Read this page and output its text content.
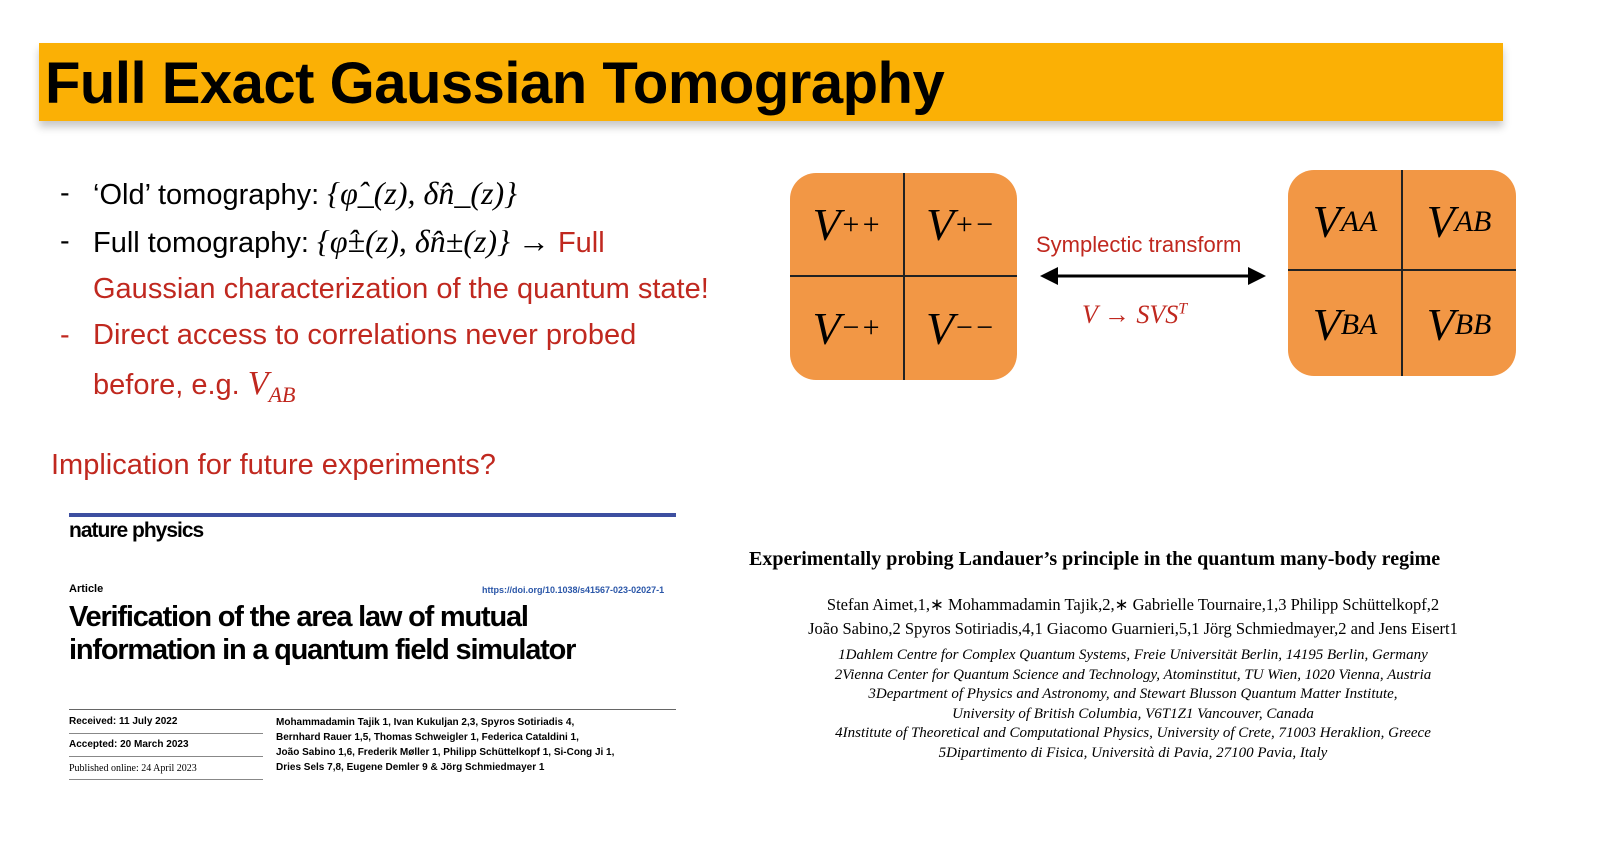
Full Exact Gaussian Tomography
- ‘Old’ tomography: {φ̂_(z), δn̂_(z)}
- Full tomography: {φ̂±(z), δn̂±(z)} → Full
Gaussian characterization of the quantum state!
- Direct access to correlations never probed
before, e.g. $V_{AB}$
Implication for future experiments?
V ++ V +−
V −+ V −−
Symplectic transform
$V \to SVS^T$
V AA V AB
V BA V BB
nature physics
Article	https://doi.org/10.1038/s41567-023-02027-1
Verification of the area law of mutual
information in a quantum field simulator
Received: 11 July 2022
Accepted: 20 March 2023
Published online: 24 April 2023
Mohammadamin Tajik 1, Ivan Kukuljan 2,3, Spyros Sotiriadis 4,
Bernhard Rauer 1,5, Thomas Schweigler 1, Federica Cataldini 1,
João Sabino 1,6, Frederik Møller 1, Philipp Schüttelkopf 1, Si-Cong Ji 1,
Dries Sels 7,8, Eugene Demler 9 & Jörg Schmiedmayer 1
Experimentally probing Landauer’s principle in the quantum many-body regime
Stefan Aimet,1,∗ Mohammadamin Tajik,2,∗ Gabrielle Tournaire,1,3 Philipp Schüttelkopf,2
João Sabino,2 Spyros Sotiriadis,4,1 Giacomo Guarnieri,5,1 Jörg Schmiedmayer,2 and Jens Eisert1
1Dahlem Centre for Complex Quantum Systems, Freie Universität Berlin, 14195 Berlin, Germany
2Vienna Center for Quantum Science and Technology, Atominstitut, TU Wien, 1020 Vienna, Austria
3Department of Physics and Astronomy, and Stewart Blusson Quantum Matter Institute,
University of British Columbia, V6T1Z1 Vancouver, Canada
4Institute of Theoretical and Computational Physics, University of Crete, 71003 Heraklion, Greece
5Dipartimento di Fisica, Università di Pavia, 27100 Pavia, Italy
